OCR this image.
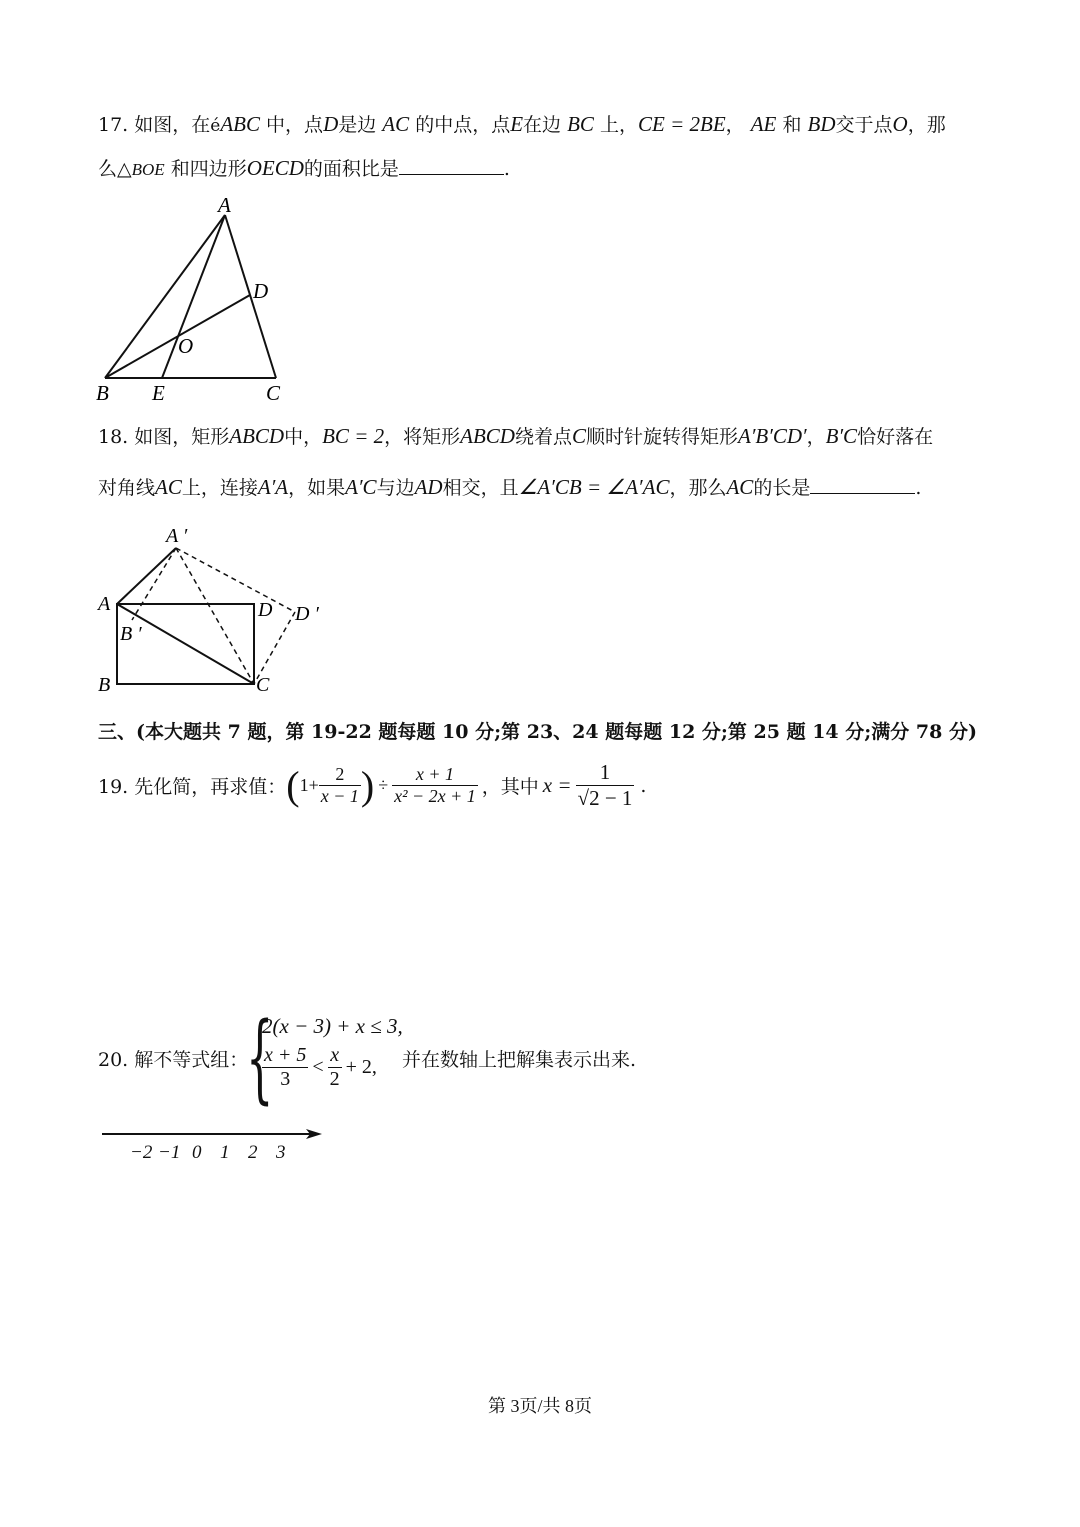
17. 如图，在éABC 中，点D是边 AC 的中点，点E在边 BC 上，CE = 2BE， AE 和 BD交于点O，那
么△BOE 和四边形OECD的面积比是	.
A
D
O
B E	C
18. 如图，矩形ABCD中，BC = 2，将矩形ABCD绕着点C顺时针旋转得矩形A′B′CD′，B′C恰好落在
对角线AC上，连接A′A，如果A′C与边AD相交，且∠A′CB = ∠A′AC，那么AC的长是	.
A ′
A
B ′
B	C
D D ′
三、(本大题共 7 题，第 19-22 题每题 10 分;第 23、24 题每题 12 分;第 25 题 14 分;满分 78 分)
19. 先化简，再求值： ( $1+ \frac{2}{x - 1}$ ) ÷ $\frac{x + 1}{\text{x² − 2x + 1}}$ ，其中 $x = \frac{1}{√2 - 1}$ .
20. 解不等式组：
{
2(x − 3) + x ≤ 3,
$\frac{x + 5}{3} < \frac{x}{2} + 2$, 并在数轴上把解集表示出来.
−2 −1 0 1 2 3
第 3页/共 8页
